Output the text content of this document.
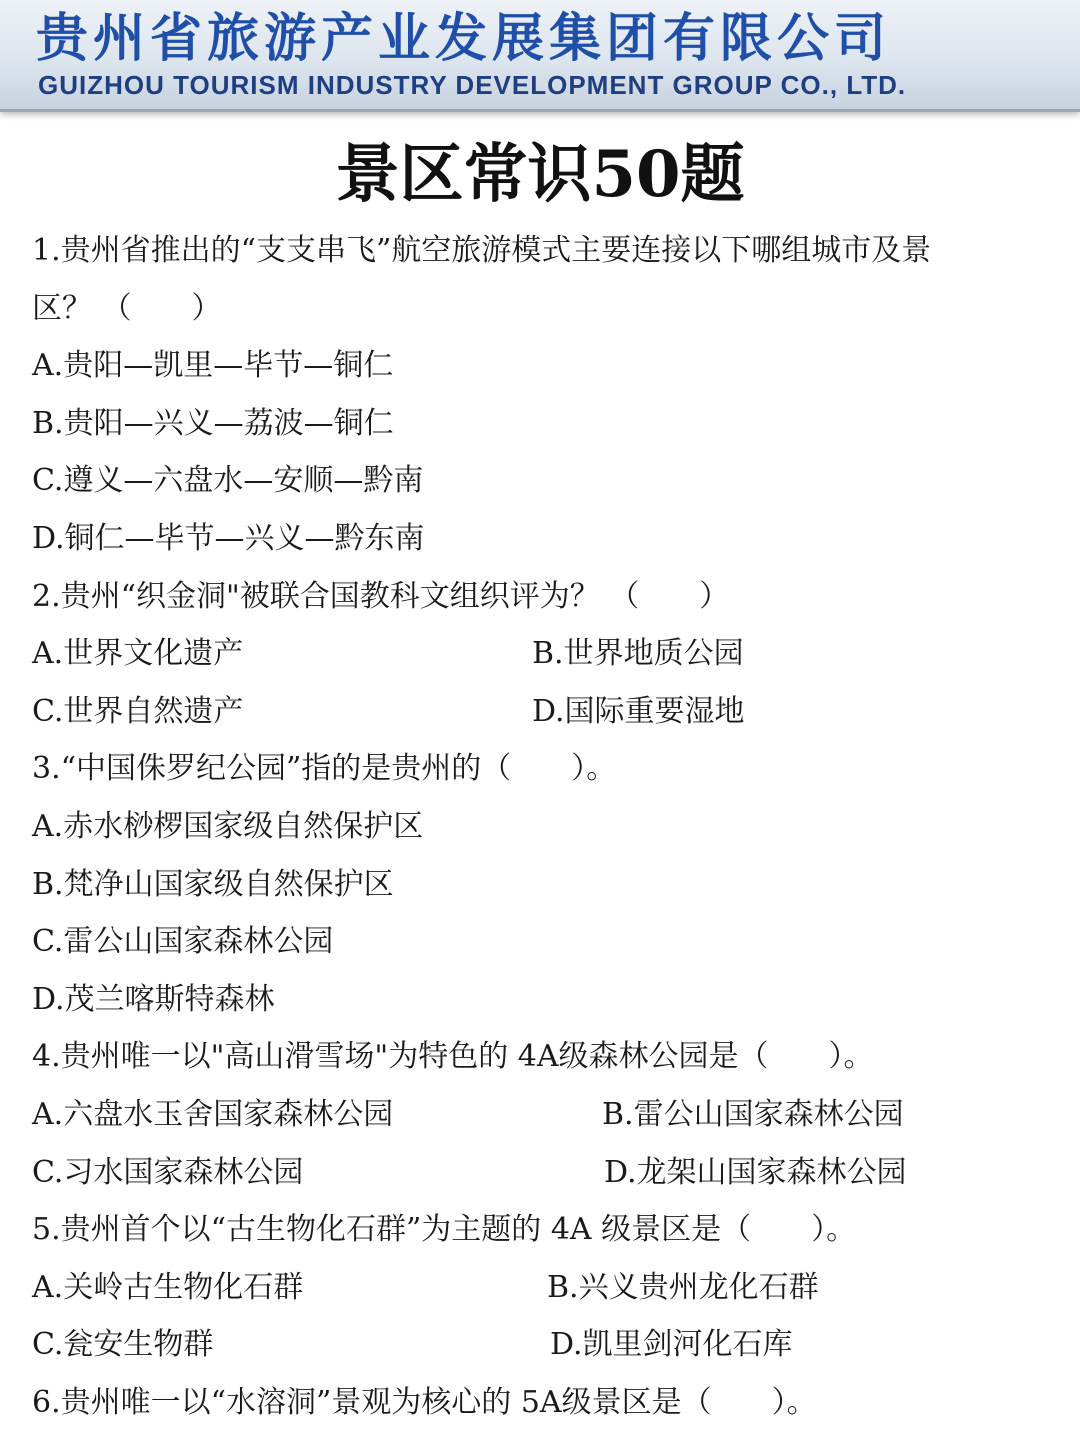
贵州省旅游产业发展集团有限公司
GUIZHOU TOURISM INDUSTRY DEVELOPMENT GROUP CO., LTD.
景区常识50题
1.贵州省推出的“支支串飞”航空旅游模式主要连接以下哪组城市及景
区？ （　　）
A.贵阳—凯里—毕节—铜仁
B.贵阳—兴义—荔波—铜仁
C.遵义—六盘水—安顺—黔南
D.铜仁—毕节—兴义—黔东南
2.贵州“织金洞"被联合国教科文组织评为？ （　　）
A.世界文化遗产	B.世界地质公园
C.世界自然遗产	D.国际重要湿地
3.“中国侏罗纪公园”指的是贵州的（　　）。
A.赤水桫椤国家级自然保护区
B.梵净山国家级自然保护区
C.雷公山国家森林公园
D.茂兰喀斯特森林
4.贵州唯一以"高山滑雪场"为特色的 4A级森林公园是（　　）。
A.六盘水玉舍国家森林公园	B.雷公山国家森林公园
C.习水国家森林公园	D.龙架山国家森林公园
5.贵州首个以“古生物化石群”为主题的 4A 级景区是（　　）。
A.关岭古生物化石群	B.兴义贵州龙化石群
C.瓮安生物群	D.凯里剑河化石库
6.贵州唯一以“水溶洞”景观为核心的 5A级景区是（　　）。
